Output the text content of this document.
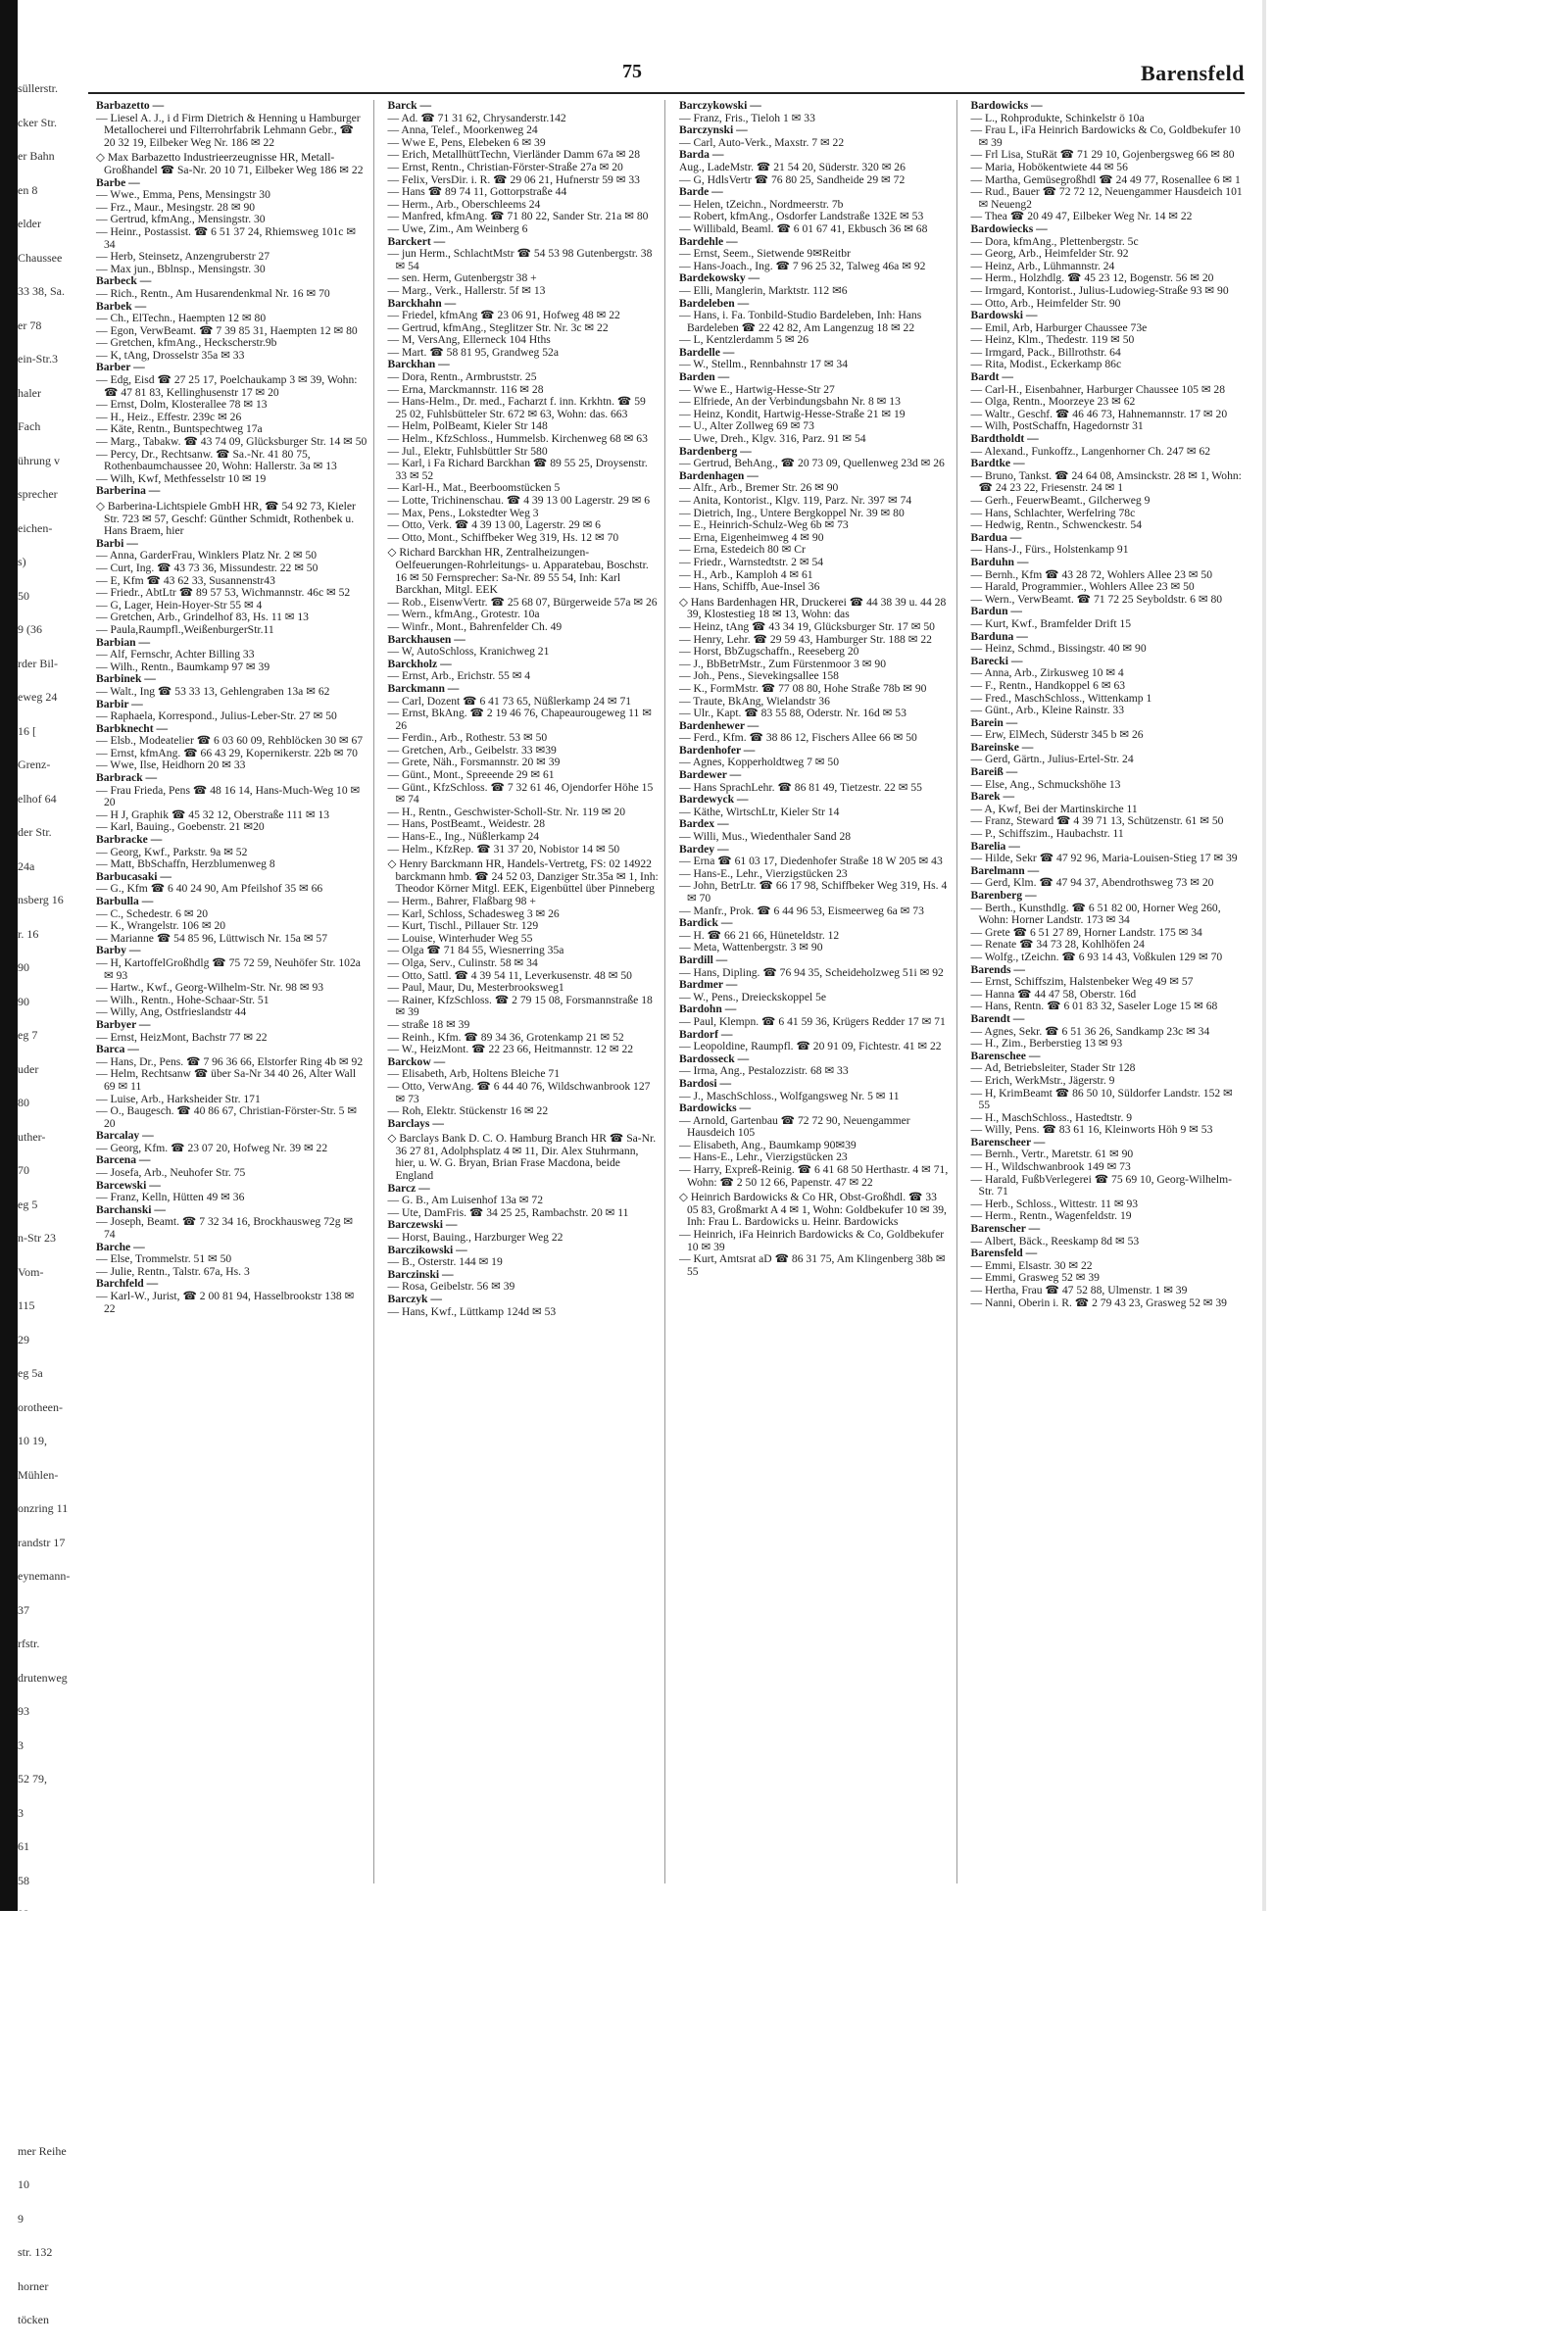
süllerstr.
cker Str.
er Bahn
en 8
elder
Chaussee
33 38, Sa.
er 78
ein-Str.3
haler
Fach
ührung v
sprecher
eichen-
s)
50
9 (36
rder Bil-
eweg 24
16 [
Grenz-
elhof 64
der Str.
24a
nsberg 16
r. 16
90
90
eg 7
uder
80
uther-
70
eg 5
n-Str 23
Vom-
115
29
eg 5a
orotheen-
10 19,
Mühlen-
onzring 11
randstr 17
eynemann-
37
rfstr.
drutenweg
93
3
52 79,
3
61
58
mer Reihe
10
9
str. 132
horner
töcken
75	Barensfeld

Barbazetto —

— Liesel A. J., i d Firm Dietrich & Henning u Hamburger Metallocherei und Filterrohrfabrik Lehmann Gebr., ☎ 20 32 19, Eilbeker Weg Nr. 186 ✉ 22

◇ Max Barbazetto Industrieerzeugnisse HR, Metall-Großhandel ☎ Sa-Nr. 20 10 71, Eilbeker Weg 186 ✉ 22

Barbe —

— Wwe., Emma, Pens, Mensingstr 30

— Frz., Maur., Mesingstr. 28 ✉ 90

— Gertrud, kfmAng., Mensingstr. 30

— Heinr., Postassist. ☎ 6 51 37 24, Rhiemsweg 101c ✉ 34

— Herb, Steinsetz, Anzengruberstr 27

— Max jun., Bblnsp., Mensingstr. 30

Barbeck —

— Rich., Rentn., Am Husarendenkmal Nr. 16 ✉ 70

Barbek —

— Ch., ElTechn., Haempten 12 ✉ 80

— Egon, VerwBeamt. ☎ 7 39 85 31, Haempten 12 ✉ 80

— Gretchen, kfmAng., Heckscherstr.9b

— K, tAng, Drosselstr 35a ✉ 33

Barber —

— Edg, Eisd ☎ 27 25 17, Poelchaukamp 3 ✉ 39, Wohn: ☎ 47 81 83, Kellinghusenstr 17 ✉ 20

— Ernst, Dolm, Klosterallee 78 ✉ 13

— H., Heiz., Effestr. 239c ✉ 26

— Käte, Rentn., Buntspechtweg 17a

— Marg., Tabakw. ☎ 43 74 09, Glücksburger Str. 14 ✉ 50

— Percy, Dr., Rechtsanw. ☎ Sa.-Nr. 41 80 75, Rothenbaumchaussee 20, Wohn: Hallerstr. 3a ✉ 13

— Wilh, Kwf, Methfesselstr 10 ✉ 19

Barberina —

◇ Barberina-Lichtspiele GmbH HR, ☎ 54 92 73, Kieler Str. 723 ✉ 57, Geschf: Günther Schmidt, Rothenbek u. Hans Braem, hier

Barbi —

— Anna, GarderFrau, Winklers Platz Nr. 2 ✉ 50

— Curt, Ing. ☎ 43 73 36, Missundestr. 22 ✉ 50

— E, Kfm ☎ 43 62 33, Susannenstr43

— Friedr., AbtLtr ☎ 89 57 53, Wichmannstr. 46c ✉ 52

— G, Lager, Hein-Hoyer-Str 55 ✉ 4

— Gretchen, Arb., Grindelhof 83, Hs. 11 ✉ 13

— Paula,Raumpfl.,WeißenburgerStr.11

Barbian —

— Alf, Fernschr, Achter Billing 33

— Wilh., Rentn., Baumkamp 97 ✉ 39

Barbinek —

— Walt., Ing ☎ 53 33 13, Gehlengraben 13a ✉ 62

Barbir —

— Raphaela, Korrespond., Julius-Leber-Str. 27 ✉ 50

Barbknecht —

— Elsb., Modeatelier ☎ 6 03 60 09, Rehblöcken 30 ✉ 67

— Ernst, kfmAng. ☎ 66 43 29, Kopernikerstr. 22b ✉ 70

— Wwe, Ilse, Heidhorn 20 ✉ 33

Barbrack —

— Frau Frieda, Pens ☎ 48 16 14, Hans-Much-Weg 10 ✉ 20

— H J, Graphik ☎ 45 32 12, Oberstraße 111 ✉ 13

— Karl, Bauing., Goebenstr. 21 ✉20

Barbracke —

— Georg, Kwf., Parkstr. 9a ✉ 52

— Matt, BbSchaffn, Herzblumenweg 8

Barbucasaki —

— G., Kfm ☎ 6 40 24 90, Am Pfeilshof 35 ✉ 66

Barbulla —

— C., Schedestr. 6 ✉ 20

— K., Wrangelstr. 106 ✉ 20

— Marianne ☎ 54 85 96, Lüttwisch Nr. 15a ✉ 57

Barby —

— H, KartoffelGroßhdlg ☎ 75 72 59, Neuhöfer Str. 102a ✉ 93

— Hartw., Kwf., Georg-Wilhelm-Str. Nr. 98 ✉ 93

— Wilh., Rentn., Hohe-Schaar-Str. 51

— Willy, Ang, Ostfrieslandstr 44

Barbyer —

— Ernst, HeizMont, Bachstr 77 ✉ 22

Barca —

— Hans, Dr., Pens. ☎ 7 96 36 66, Elstorfer Ring 4b ✉ 92

— Helm, Rechtsanw ☎ über Sa-Nr 34 40 26, Alter Wall 69 ✉ 11

— Luise, Arb., Harksheider Str. 171

— O., Baugesch. ☎ 40 86 67, Christian-Förster-Str. 5 ✉ 20

Barcalay —

— Georg, Kfm. ☎ 23 07 20, Hofweg Nr. 39 ✉ 22

Barcena —

— Josefa, Arb., Neuhofer Str. 75

Barcewski —

— Franz, Kelln, Hütten 49 ✉ 36

Barchanski —

— Joseph, Beamt. ☎ 7 32 34 16, Brockhausweg 72g ✉ 74

Barche —

— Else, Trommelstr. 51 ✉ 50

— Julie, Rentn., Talstr. 67a, Hs. 3

Barchfeld —

— Karl-W., Jurist, ☎ 2 00 81 94, Hasselbrookstr 138 ✉ 22

Barck —

— Ad. ☎ 71 31 62, Chrysanderstr.142

— Anna, Telef., Moorkenweg 24

— Wwe E, Pens, Elebeken 6 ✉ 39

— Erich, MetallhüttTechn, Vierländer Damm 67a ✉ 28

— Ernst, Rentn., Christian-Förster-Straße 27a ✉ 20

— Felix, VersDir. i. R. ☎ 29 06 21, Hufnerstr 59 ✉ 33

— Hans ☎ 89 74 11, Gottorpstraße 44

— Herm., Arb., Oberschleems 24

— Manfred, kfmAng. ☎ 71 80 22, Sander Str. 21a ✉ 80

— Uwe, Zim., Am Weinberg 6

Barckert —

— jun Herm., SchlachtMstr ☎ 54 53 98 Gutenbergstr. 38 ✉ 54

— sen. Herm, Gutenbergstr 38 +

— Marg., Verk., Hallerstr. 5f ✉ 13

Barckhahn —

— Friedel, kfmAng ☎ 23 06 91, Hofweg 48 ✉ 22

— Gertrud, kfmAng., Steglitzer Str. Nr. 3c ✉ 22

— M, VersAng, Ellerneck 104 Hths

— Mart. ☎ 58 81 95, Grandweg 52a

Barckhan —

— Dora, Rentn., Armbruststr. 25

— Erna, Marckmannstr. 116 ✉ 28

— Hans-Helm., Dr. med., Facharzt f. inn. Krkhtn. ☎ 59 25 02, Fuhlsbütteler Str. 672 ✉ 63, Wohn: das. 663

— Helm, PolBeamt, Kieler Str 148

— Helm., KfzSchloss., Hummelsb. Kirchenweg 68 ✉ 63

— Jul., Elektr, Fuhlsbüttler Str 580

— Karl, i Fa Richard Barckhan ☎ 89 55 25, Droysenstr. 33 ✉ 52

— Karl-H., Mat., Beerboomstücken 5

— Lotte, Trichinenschau. ☎ 4 39 13 00 Lagerstr. 29 ✉ 6

— Max, Pens., Lokstedter Weg 3

— Otto, Verk. ☎ 4 39 13 00, Lagerstr. 29 ✉ 6

— Otto, Mont., Schiffbeker Weg 319, Hs. 12 ✉ 70

◇ Richard Barckhan HR, Zentralheizungen-Oelfeuerungen-Rohrleitungs- u. Apparatebau, Boschstr. 16 ✉ 50 Fernsprecher: Sa-Nr. 89 55 54, Inh: Karl Barckhan, Mitgl. EEK

— Rob., EisenwVertr. ☎ 25 68 07, Bürgerweide 57a ✉ 26

— Wern., kfmAng., Grotestr. 10a

— Winfr., Mont., Bahrenfelder Ch. 49

Barckhausen —

— W, AutoSchloss, Kranichweg 21

Barckholz —

— Ernst, Arb., Erichstr. 55 ✉ 4

Barckmann —

— Carl, Dozent ☎ 6 41 73 65, Nüßlerkamp 24 ✉ 71

— Ernst, BkAng. ☎ 2 19 46 76, Chapeaurougeweg 11 ✉ 26

— Ferdin., Arb., Rothestr. 53 ✉ 50

— Gretchen, Arb., Geibelstr. 33 ✉39

— Grete, Näh., Forsmannstr. 20 ✉ 39

— Günt., Mont., Spreeende 29 ✉ 61

— Günt., KfzSchloss. ☎ 7 32 61 46, Ojendorfer Höhe 15 ✉ 74

— H., Rentn., Geschwister-Scholl-Str. Nr. 119 ✉ 20

— Hans, PostBeamt., Weidestr. 28

— Hans-E., Ing., Nüßlerkamp 24

— Helm., KfzRep. ☎ 31 37 20, Nobistor 14 ✉ 50

◇ Henry Barckmann HR, Handels-Vertretg, FS: 02 14922 barckmann hmb. ☎ 24 52 03, Danziger Str.35a ✉ 1, Inh: Theodor Körner Mitgl. EEK, Eigenbüttel über Pinneberg

— Herm., Bahrer, Flaßbarg 98 +

— Karl, Schloss, Schadesweg 3 ✉ 26

— Kurt, Tischl., Pillauer Str. 129

— Louise, Winterhuder Weg 55

— Olga ☎ 71 84 55, Wiesnerring 35a

— Olga, Serv., Culinstr. 58 ✉ 34

— Otto, Sattl. ☎ 4 39 54 11, Leverkusenstr. 48 ✉ 50

— Paul, Maur, Du, Mesterbrooksweg1

— Rainer, KfzSchloss. ☎ 2 79 15 08, Forsmannstraße 18 ✉ 39

— straße 18 ✉ 39

— Reinh., Kfm. ☎ 89 34 36, Grotenkamp 21 ✉ 52

— W., HeizMont. ☎ 22 23 66, Heitmannstr. 12 ✉ 22

Barckow —

— Elisabeth, Arb, Holtens Bleiche 71

— Otto, VerwAng. ☎ 6 44 40 76, Wildschwanbrook 127 ✉ 73

— Roh, Elektr. Stückenstr 16 ✉ 22

Barclays —

◇ Barclays Bank D. C. O. Hamburg Branch HR ☎ Sa-Nr. 36 27 81, Adolphsplatz 4 ✉ 11, Dir. Alex Stuhrmann, hier, u. W. G. Bryan, Brian Frase Macdona, beide England

Barcz —

— G. B., Am Luisenhof 13a ✉ 72

— Ute, DamFris. ☎ 34 25 25, Rambachstr. 20 ✉ 11

Barczewski —

— Horst, Bauing., Harzburger Weg 22

Barczikowski —

— B., Osterstr. 144 ✉ 19

Barczinski —

— Rosa, Geibelstr. 56 ✉ 39

Barczyk —

— Hans, Kwf., Lüttkamp 124d ✉ 53

Barczykowski —

— Franz, Fris., Tieloh 1 ✉ 33

Barczynski —

— Carl, Auto-Verk., Maxstr. 7 ✉ 22

Barda —

Aug., LadeMstr. ☎ 21 54 20, Süderstr. 320 ✉ 26

— G, HdlsVertr ☎ 76 80 25, Sandheide 29 ✉ 72

Barde —

— Helen, tZeichn., Nordmeerstr. 7b

— Robert, kfmAng., Osdorfer Landstraße 132E ✉ 53

— Willibald, Beaml. ☎ 6 01 67 41, Ekbusch 36 ✉ 68

Bardehle —

— Ernst, Seem., Sietwende 9✉Reitbr

— Hans-Joach., Ing. ☎ 7 96 25 32, Talweg 46a ✉ 92

Bardekowsky —

— Elli, Manglerin, Marktstr. 112 ✉6

Bardeleben —

— Hans, i. Fa. Tonbild-Studio Bardeleben, Inh: Hans Bardeleben ☎ 22 42 82, Am Langenzug 18 ✉ 22

— L, Kentzlerdamm 5 ✉ 26

Bardelle —

— W., Stellm., Rennbahnstr 17 ✉ 34

Barden —

— Wwe E., Hartwig-Hesse-Str 27

— Elfriede, An der Verbindungsbahn Nr. 8 ✉ 13

— Heinz, Kondit, Hartwig-Hesse-Straße 21 ✉ 19

— U., Alter Zollweg 69 ✉ 73

— Uwe, Dreh., Klgv. 316, Parz. 91 ✉ 54

Bardenberg —

— Gertrud, BehAng., ☎ 20 73 09, Quellenweg 23d ✉ 26

Bardenhagen —

— Alfr., Arb., Bremer Str. 26 ✉ 90

— Anita, Kontorist., Klgv. 119, Parz. Nr. 397 ✉ 74

— Dietrich, Ing., Untere Bergkoppel Nr. 39 ✉ 80

— E., Heinrich-Schulz-Weg 6b ✉ 73

— Erna, Eigenheimweg 4 ✉ 90

— Erna, Estedeich 80 ✉ Cr

— Friedr., Warnstedtstr. 2 ✉ 54

— H., Arb., Kamploh 4 ✉ 61

— Hans, Schiffb, Aue-Insel 36

◇ Hans Bardenhagen HR, Druckerei ☎ 44 38 39 u. 44 28 39, Klostestieg 18 ✉ 13, Wohn: das

— Heinz, tAng ☎ 43 34 19, Glücksburger Str. 17 ✉ 50

— Henry, Lehr. ☎ 29 59 43, Hamburger Str. 188 ✉ 22

— Horst, BbZugschaffn., Reeseberg 20

— J., BbBetrMstr., Zum Fürstenmoor 3 ✉ 90

— Joh., Pens., Sievekingsallee 158

— K., FormMstr. ☎ 77 08 80, Hohe Straße 78b ✉ 90

— Traute, BkAng, Wielandstr 36

— Ulr., Kapt. ☎ 83 55 88, Oderstr. Nr. 16d ✉ 53

Bardenhewer —

— Ferd., Kfm. ☎ 38 86 12, Fischers Allee 66 ✉ 50

Bardenhofer —

— Agnes, Kopperholdtweg 7 ✉ 50

Bardewer —

— Hans SprachLehr. ☎ 86 81 49, Tietzestr. 22 ✉ 55

Bardewyck —

— Käthe, WirtschLtr, Kieler Str 14

Bardex —

— Willi, Mus., Wiedenthaler Sand 28

Bardey —

— Erna ☎ 61 03 17, Diedenhofer Straße 18 W 205 ✉ 43

— Hans-E., Lehr., Vierzigstücken 23

— John, BetrLtr. ☎ 66 17 98, Schiffbeker Weg 319, Hs. 4 ✉ 70

— Manfr., Prok. ☎ 6 44 96 53, Eismeerweg 6a ✉ 73

Bardick —

— H. ☎ 66 21 66, Hüneteldstr. 12

— Meta, Wattenbergstr. 3 ✉ 90

Bardill —

— Hans, Dipling. ☎ 76 94 35, Scheideholzweg 51i ✉ 92

Bardmer —

— W., Pens., Dreieckskoppel 5e

Bardohn —

— Paul, Klempn. ☎ 6 41 59 36, Krügers Redder 17 ✉ 71

Bardorf —

— Leopoldine, Raumpfl. ☎ 20 91 09, Fichtestr. 41 ✉ 22

Bardosseck —

— Irma, Ang., Pestalozzistr. 68 ✉ 33

Bardosi —

— J., MaschSchloss., Wolfgangsweg Nr. 5 ✉ 11

Bardowicks —

— Arnold, Gartenbau ☎ 72 72 90, Neuengammer Hausdeich 105

— Elisabeth, Ang., Baumkamp 90✉39

— Hans-E., Lehr., Vierzigstücken 23

— Harry, Expreß-Reinig. ☎ 6 41 68 50 Herthastr. 4 ✉ 71, Wohn: ☎ 2 50 12 66, Papenstr. 47 ✉ 22

◇ Heinrich Bardowicks & Co HR, Obst-Großhdl. ☎ 33 05 83, Großmarkt A 4 ✉ 1, Wohn: Goldbekufer 10 ✉ 39, Inh: Frau L. Bardowicks u. Heinr. Bardowicks

— Heinrich, iFa Heinrich Bardowicks & Co, Goldbekufer 10 ✉ 39

— Kurt, Amtsrat aD ☎ 86 31 75, Am Klingenberg 38b ✉ 55

Bardowicks —

— L., Rohproduktе, Schinkelstr ö 10a

— Frau L, iFa Heinrich Bardowicks & Co, Goldbekufer 10 ✉ 39

— Frl Lisa, StuRät ☎ 71 29 10, Gojenbergsweg 66 ✉ 80

— Maria, Hobökentwiete 44 ✉ 56

— Martha, Gemüsegroßhdl ☎ 24 49 77, Rosenallee 6 ✉ 1

— Rud., Bauer ☎ 72 72 12, Neuengammer Hausdeich 101 ✉ Neueng2

— Thea ☎ 20 49 47, Eilbeker Weg Nr. 14 ✉ 22

Bardowiecks —

— Dora, kfmAng., Plettenbergstr. 5c

— Georg, Arb., Heimfelder Str. 92

— Heinz, Arb., Lühmannstr. 24

— Herm., Holzhdlg. ☎ 45 23 12, Bogenstr. 56 ✉ 20

— Irmgard, Kontorist., Julius-Ludowieg-Straße 93 ✉ 90

— Otto, Arb., Heimfelder Str. 90

Bardowski —

— Emil, Arb, Harburger Chaussee 73e

— Heinz, Klm., Thedestr. 119 ✉ 50

— Irmgard, Pack., Billrothstr. 64

— Rita, Modist., Eckerkamp 86c

Bardt —

— Carl-H., Eisenbahner, Harburger Chaussee 105 ✉ 28

— Olga, Rentn., Moorzeye 23 ✉ 62

— Waltr., Geschf. ☎ 46 46 73, Hahnemannstr. 17 ✉ 20

— Wilh, PostSchaffn, Hagedornstr 31

Bardtholdt —

— Alexand., Funkoffz., Langenhorner Ch. 247 ✉ 62

Bardtke —

— Bruno, Tankst. ☎ 24 64 08, Amsinckstr. 28 ✉ 1, Wohn: ☎ 24 23 22, Friesenstr. 24 ✉ 1

— Gerh., FeuerwBeamt., Gilcherweg 9

— Hans, Schlachter, Werfelring 78c

— Hedwig, Rentn., Schwenckestr. 54

Bardua —

— Hans-J., Fürs., Holstenkamp 91

Barduhn —

— Bernh., Kfm ☎ 43 28 72, Wohlers Allee 23 ✉ 50

— Harald, Programmier., Wohlers Allee 23 ✉ 50

— Wern., VerwBeamt. ☎ 71 72 25 Seyboldstr. 6 ✉ 80

Bardun —

— Kurt, Kwf., Bramfelder Drift 15

Barduna —

— Heinz, Schmd., Bissingstr. 40 ✉ 90

Barecki —

— Anna, Arb., Zirkusweg 10 ✉ 4

— F., Rentn., Handkoppel 6 ✉ 63

— Fred., MaschSchloss., Wittenkamp 1

— Günt., Arb., Kleine Rainstr. 33

Barein —

— Erw, ElMech, Süderstr 345 b ✉ 26

Bareinske —

— Gerd, Gärtn., Julius-Ertel-Str. 24

Bareiß —

— Else, Ang., Schmuckshöhe 13

Barek —

— A, Kwf, Bei der Martinskirche 11

— Franz, Steward ☎ 4 39 71 13, Schützenstr. 61 ✉ 50

— P., Schiffszim., Haubachstr. 11

Barelia —

— Hilde, Sekr ☎ 47 92 96, Maria-Louisen-Stieg 17 ✉ 39

Barelmann —

— Gerd, Klm. ☎ 47 94 37, Abendrothsweg 73 ✉ 20

Barenberg —

— Berth., Kunsthdlg. ☎ 6 51 82 00, Horner Weg 260, Wohn: Horner Landstr. 173 ✉ 34

— Grete ☎ 6 51 27 89, Horner Landstr. 175 ✉ 34

— Renate ☎ 34 73 28, Kohlhöfen 24

— Wolfg., tZeichn. ☎ 6 93 14 43, Voßkulen 129 ✉ 70

Barends —

— Ernst, Schiffszim, Halstenbeker Weg 49 ✉ 57

— Hanna ☎ 44 47 58, Oberstr. 16d

— Hans, Rentn. ☎ 6 01 83 32, Saseler Loge 15 ✉ 68

Barendt —

— Agnes, Sekr. ☎ 6 51 36 26, Sandkamp 23c ✉ 34

— H., Zim., Berberstieg 13 ✉ 93

Barenschee —

— Ad, Betriebsleiter, Stader Str 128

— Erich, WerkMstr., Jägerstr. 9

— H, KrimBeamt ☎ 86 50 10, Süldorfer Landstr. 152 ✉ 55

— H., MaschSchloss., Hastedtstr. 9

— Willy, Pens. ☎ 83 61 16, Kleinworts Höh 9 ✉ 53

Barenscheer —

— Bernh., Vertr., Maretstr. 61 ✉ 90

— H., Wildschwanbrook 149 ✉ 73

— Harald, FußbVerlegerei ☎ 75 69 10, Georg-Wilhelm-Str. 71

— Herb., Schloss., Wittestr. 11 ✉ 93

— Herm., Rentn., Wagenfeldstr. 19

Barenscher —

— Albert, Bäck., Reeskamp 8d ✉ 53

Barensfeld —

— Emmi, Elsastr. 30 ✉ 22

— Emmi, Grasweg 52 ✉ 39

— Hertha, Frau ☎ 47 52 88, Ulmenstr. 1 ✉ 39

— Nanni, Oberin i. R. ☎ 2 79 43 23, Grasweg 52 ✉ 39
